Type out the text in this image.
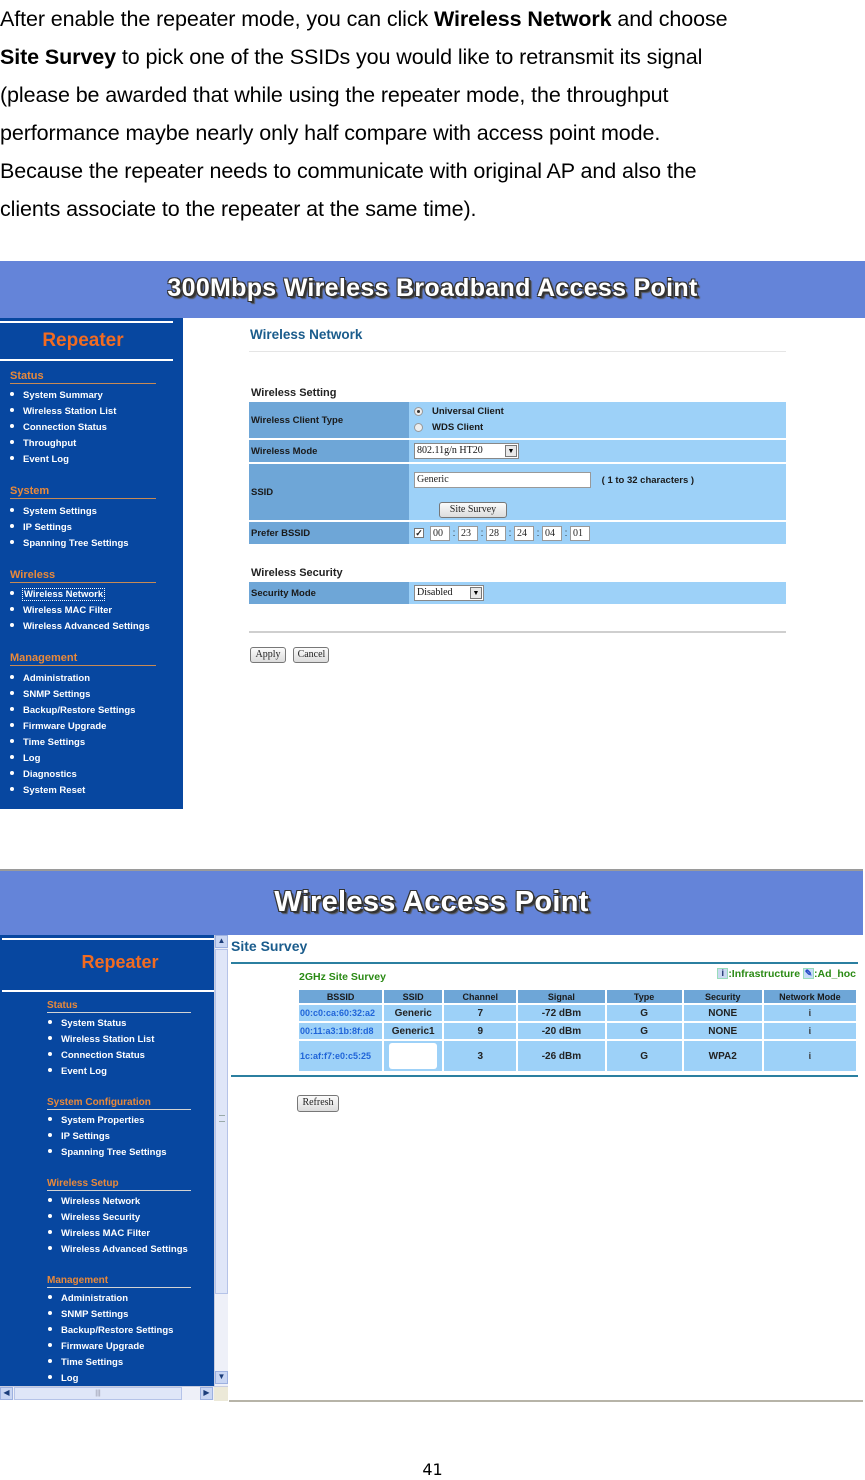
After enable the repeater mode, you can click Wireless Network and choose
Site Survey to pick one of the SSIDs you would like to retransmit its signal
(please be awarded that while using the repeater mode, the throughput
performance maybe nearly only half compare with access point mode.
Because the repeater needs to communicate with original AP and also the
clients associate to the repeater at the same time).
300Mbps Wireless Broadband Access Point
Repeater
Status
System Summary
Wireless Station List
Connection Status
Throughput
Event Log
System
System Settings
IP Settings
Spanning Tree Settings
Wireless
Wireless Network
Wireless MAC Filter
Wireless Advanced Settings
Management
Administration
SNMP Settings
Backup/Restore Settings
Firmware Upgrade
Time Settings
Log
Diagnostics
System Reset
Wireless Network
Wireless Setting
Wireless Client Type	Universal Client
WDS Client

Wireless Mode	802.11g/n HT20 ▼

SSID	Generic ( 1 to 32 characters )
Site Survey

Prefer BSSID	✓ 00 : 23 : 28 : 24 : 04 : 01
Wireless Security
Security Mode	Disabled	▼
Apply Cancel
Wireless Access Point
Repeater
Status
System Status
Wireless Station List
Connection Status
Event Log
System Configuration
System Properties
IP Settings
Spanning Tree Settings
Wireless Setup
Wireless Network
Wireless Security
Wireless MAC Filter
Wireless Advanced Settings
Management
Administration
SNMP Settings
Backup/Restore Settings
Firmware Upgrade
Time Settings
Log
▲
▼
◀	|||	▶
Site Survey
2GHz Site Survey	i :Infrastructure ✎ :Ad_hoc
BSSID	SSID	Channel	Signal	Type	Security	Network Mode
00:c0:ca:60:32:a2	Generic	7	-72 dBm	G	NONE	ἰ
00:11:a3:1b:8f:d8	Generic1	9	-20 dBm	G	NONE	ἰ
1c:af:f7:e0:c5:25		3	-26 dBm	G	WPA2	ἰ
Refresh
41
